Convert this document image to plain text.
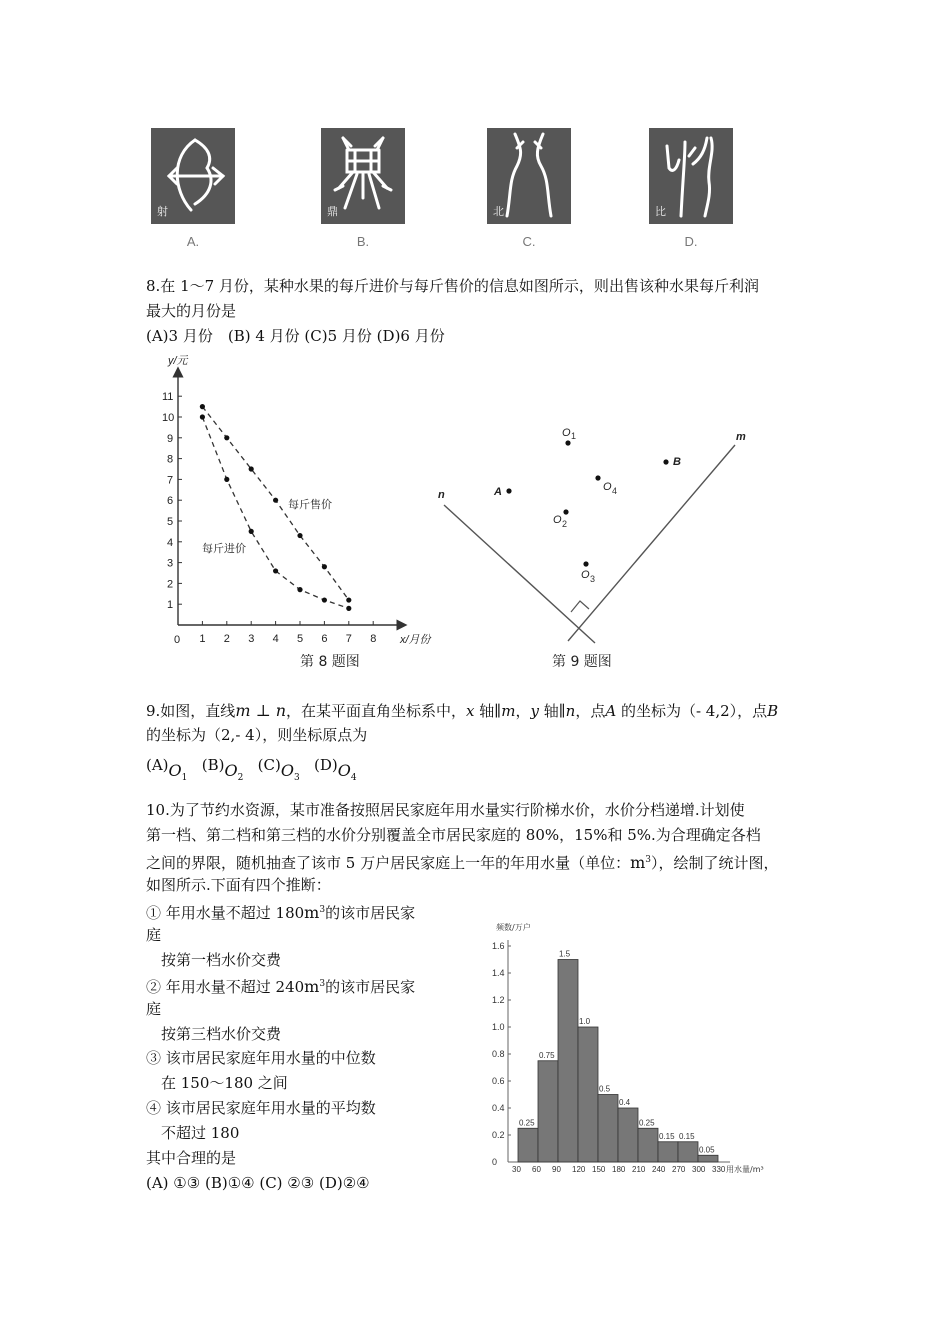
射	鼎	北	比
A.	B.	C.	D.
8.在 1～7 月份，某种水果的每斤进价与每斤售价的信息如图所示，则出售该种水果每斤利润
最大的月份是
(A)3 月份　(B) 4 月份 (C)5 月份 (D)6 月份
y/元
x/月份
0 1 2 3 4 5 6 7 8
1
2
3
4
5
6
7
8
9
10
11
每斤售价
每斤进价
第 8 题图
n
m
A
B
O 1
O 2
O 3
O 4
第 9 题图
9.如图，直线m ⊥ n，在某平面直角坐标系中，x 轴∥m，y 轴∥n，点A 的坐标为（- 4,2），点B
的坐标为（2,- 4），则坐标原点为
$(A)O_1$   $(B)O_2$   $(C)O_3$   $(D)O_4$
10.为了节约水资源，某市准备按照居民家庭年用水量实行阶梯水价，水价分档递增.计划使
第一档、第二档和第三档的水价分别覆盖全市居民家庭的 80%，15%和 5%.为合理确定各档
之间的界限，随机抽查了该市 5 万户居民家庭上一年的年用水量（单位：$m^3$），绘制了统计图，
如图所示.下面有四个推断：
① 年用水量不超过 $180m^3$的该市居民家
庭
按第一档水价交费
② 年用水量不超过 $240m^3$的该市居民家
庭
按第三档水价交费
③ 该市居民家庭年用水量的中位数
在 150～180 之间
④ 该市居民家庭年用水量的平均数
不超过 180
其中合理的是
(A) ①③ (B)①④ (C) ②③ (D)②④
0.2
0.4
0.6
0.8
1.0
1.2
1.4
1.6
0.25
0.75
1.5
1.0
0.5
0.4
0.25
0.15 0.15
0.05
30 60 90 120 150 180 210 240 270 300 330
频数/万户
用水量/m³
0
